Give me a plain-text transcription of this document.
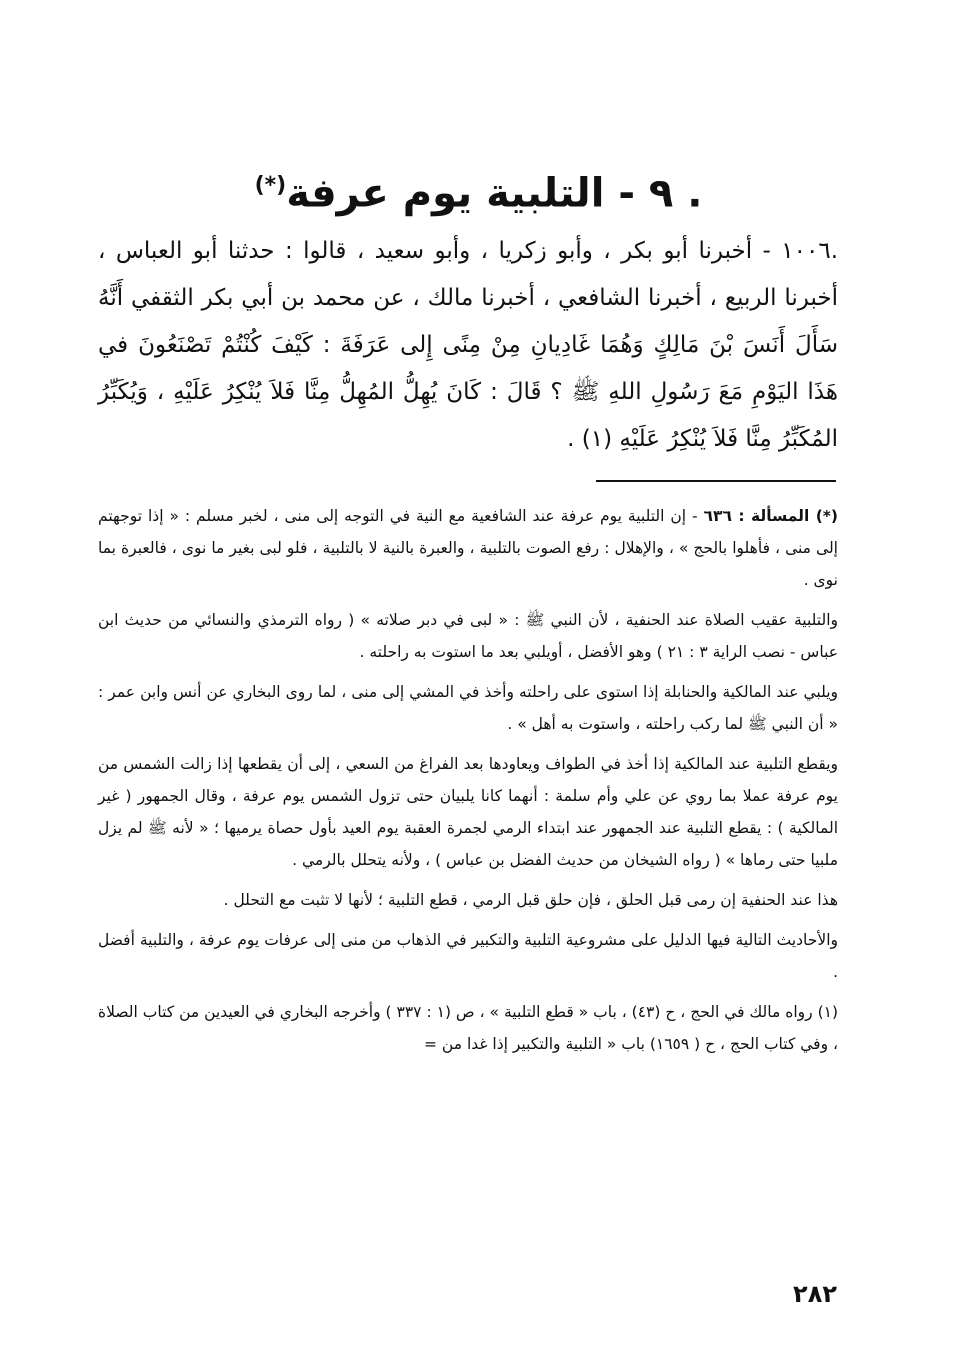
. ٩ - التلبية يوم عرفة(*)

.١٠٠٦ - أخبرنا أبو بكر ، وأبو زكريا ، وأبو سعيد ، قالوا : حدثنا أبو العباس ، أخبرنا الربيع ، أخبرنا الشافعي ، أخبرنا مالك ، عن محمد بن أبي بكر الثقفي أَنَّهُ سَأَلَ أَنَسَ بْنَ مَالِكٍ وَهُمَا غَادِيانِ مِنْ مِنًى إِلى عَرَفَةَ : كَيْفَ كُنْتُمْ تَصْنَعُونَ في هَذَا اليَوْمِ مَعَ رَسُولِ اللهِ ﷺ ؟ قَالَ : كَانَ يُهِلُّ المُهِلُّ مِنَّا فَلاَ يُنْكِرُ عَلَيْهِ ، وَيُكَبِّرُ المُكَبِّرُ مِنَّا فَلاَ يُنْكِرُ عَلَيْهِ (١) .

(*) المسألة : ٦٣٦ - إن التلبية يوم عرفة عند الشافعية مع النية في التوجه إلى منى ، لخبر مسلم : « إذا توجهتم إلى منى ، فأهلوا بالحج » ، والإهلال : رفع الصوت بالتلبية ، والعبرة بالنية لا بالتلبية ، فلو لبى بغير ما نوى ، فالعبرة بما نوى .

والتلبية عقيب الصلاة عند الحنفية ، لأن النبي ﷺ : « لبى في دبر صلاته » ( رواه الترمذي والنسائي من حديث ابن عباس - نصب الراية ٣ : ٢١ ) وهو الأفضل ، أويلبي بعد ما استوت به راحلته .

ويلبي عند المالكية والحنابلة إذا استوى على راحلته وأخذ في المشي إلى منى ، لما روى البخاري عن أنس وابن عمر : « أن النبي ﷺ لما ركب راحلته ، واستوت به أهل » .

ويقطع التلبية عند المالكية إذا أخذ في الطواف ويعاودها بعد الفراغ من السعي ، إلى أن يقطعها إذا زالت الشمس من يوم عرفة عملا بما روي عن علي وأم سلمة : أنهما كانا يلبيان حتى تزول الشمس يوم عرفة ، وقال الجمهور ( غير المالكية ) : يقطع التلبية عند الجمهور عند ابتداء الرمي لجمرة العقبة يوم العيد بأول حصاة يرميها ؛ « لأنه ﷺ لم يزل ملبيا حتى رماها » ( رواه الشيخان من حديث الفضل بن عباس ) ، ولأنه يتحلل بالرمي .

هذا عند الحنفية إن رمى قبل الحلق ، فإن حلق قبل الرمي ، قطع التلبية ؛ لأنها لا تثبت مع التحلل .

والأحاديث التالية فيها الدليل على مشروعية التلبية والتكبير في الذهاب من منى إلى عرفات يوم عرفة ، والتلبية أفضل .

(١) رواه مالك في الحج ، ح (٤٣) ، باب « قطع التلبية » ، ص (١ : ٣٣٧ ) وأخرجه البخاري في العيدين من كتاب الصلاة ، وفي كتاب الحج ، ح ( ١٦٥٩) باب « التلبية والتكبير إذا غدا من =

٢٨٢
